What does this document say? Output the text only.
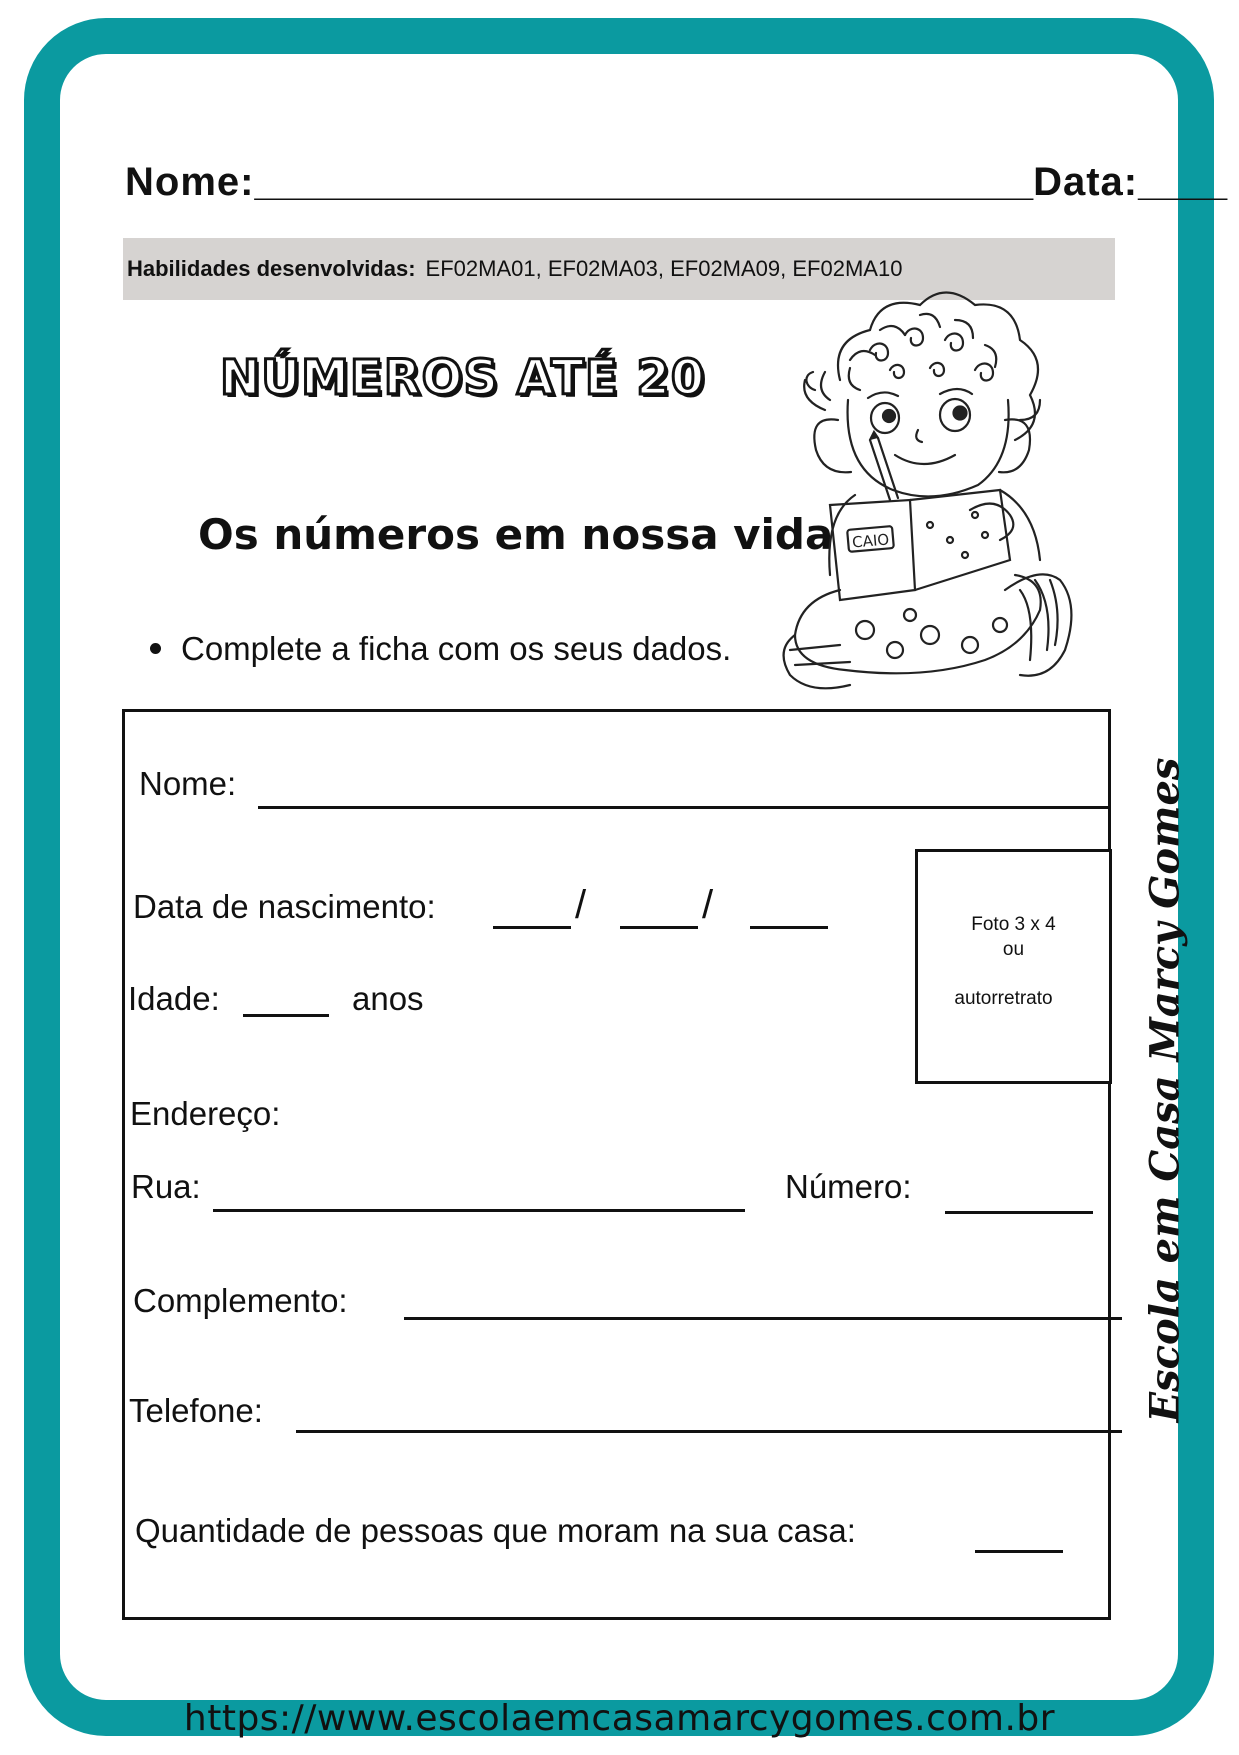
Nome:___________________________________Data:____
Habilidades desenvolvidas: EF02MA01, EF02MA03, EF02MA09, EF02MA10
NÚMEROS ATÉ 20
Os números em nossa vida
Complete a ficha com os seus dados.
CAIO
Nome:
Data de nascimento:	/	/
Idade:	anos
Foto 3 x 4
ou
autorretrato
Endereço:
Rua:	Número:
Complemento:
Telefone:
Quantidade de pessoas que moram na sua casa:
Escola em Casa Marcy Gomes
https://www.escolaemcasamarcygomes.com.br
